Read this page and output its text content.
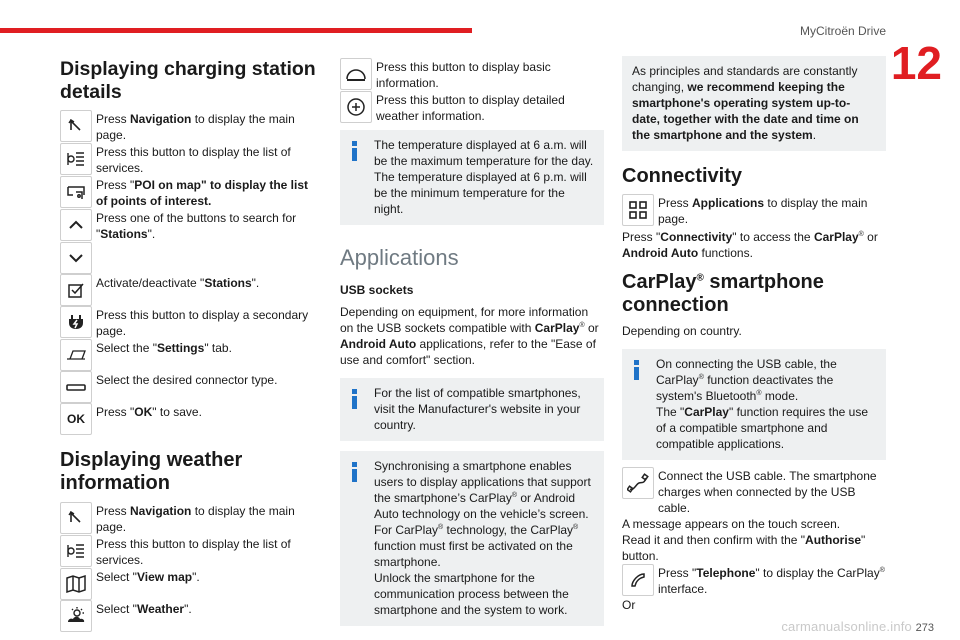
MyCitroën Drive
12
Displaying charging station details
Press Navigation to display the main page.
Press this button to display the list of services.
Press "POI on map" to display the list of points of interest.
Press one of the buttons to search for "Stations".
Activate/deactivate "Stations".
Press this button to display a secondary page.
Select the "Settings" tab.
Select the desired connector type.
OK Press "OK" to save.
Displaying weather information
Press Navigation to display the main page.
Press this button to display the list of services.
Select "View map".
Select "Weather".
Press this button to display basic information.
Press this button to display detailed weather information.
The temperature displayed at 6 a.m. will be the maximum temperature for the day. The temperature displayed at 6 p.m. will be the minimum temperature for the night.
Applications
USB sockets
Depending on equipment, for more information on the USB sockets compatible with CarPlay® or Android Auto applications, refer to the "Ease of use and comfort" section.
For the list of compatible smartphones, visit the Manufacturer's website in your country.
Synchronising a smartphone enables users to display applications that support the smartphone’s CarPlay® or Android Auto technology on the vehicle’s screen. For CarPlay® technology, the CarPlay® function must first be activated on the smartphone.
Unlock the smartphone for the communication process between the smartphone and the system to work.
As principles and standards are constantly changing, we recommend keeping the smartphone's operating system up-to-date, together with the date and time on the smartphone and the system.
Connectivity
Press Applications to display the main page.
Press "Connectivity" to access the CarPlay® or Android Auto functions.
CarPlay® smartphone connection
Depending on country.
On connecting the USB cable, the CarPlay® function deactivates the system's Bluetooth® mode.
The "CarPlay" function requires the use of a compatible smartphone and compatible applications.
Connect the USB cable. The smartphone charges when connected by the USB cable.
A message appears on the touch screen.
Read it and then confirm with the "Authorise" button.
Press "Telephone" to display the CarPlay® interface.
Or
carmanualsonline.info 273
